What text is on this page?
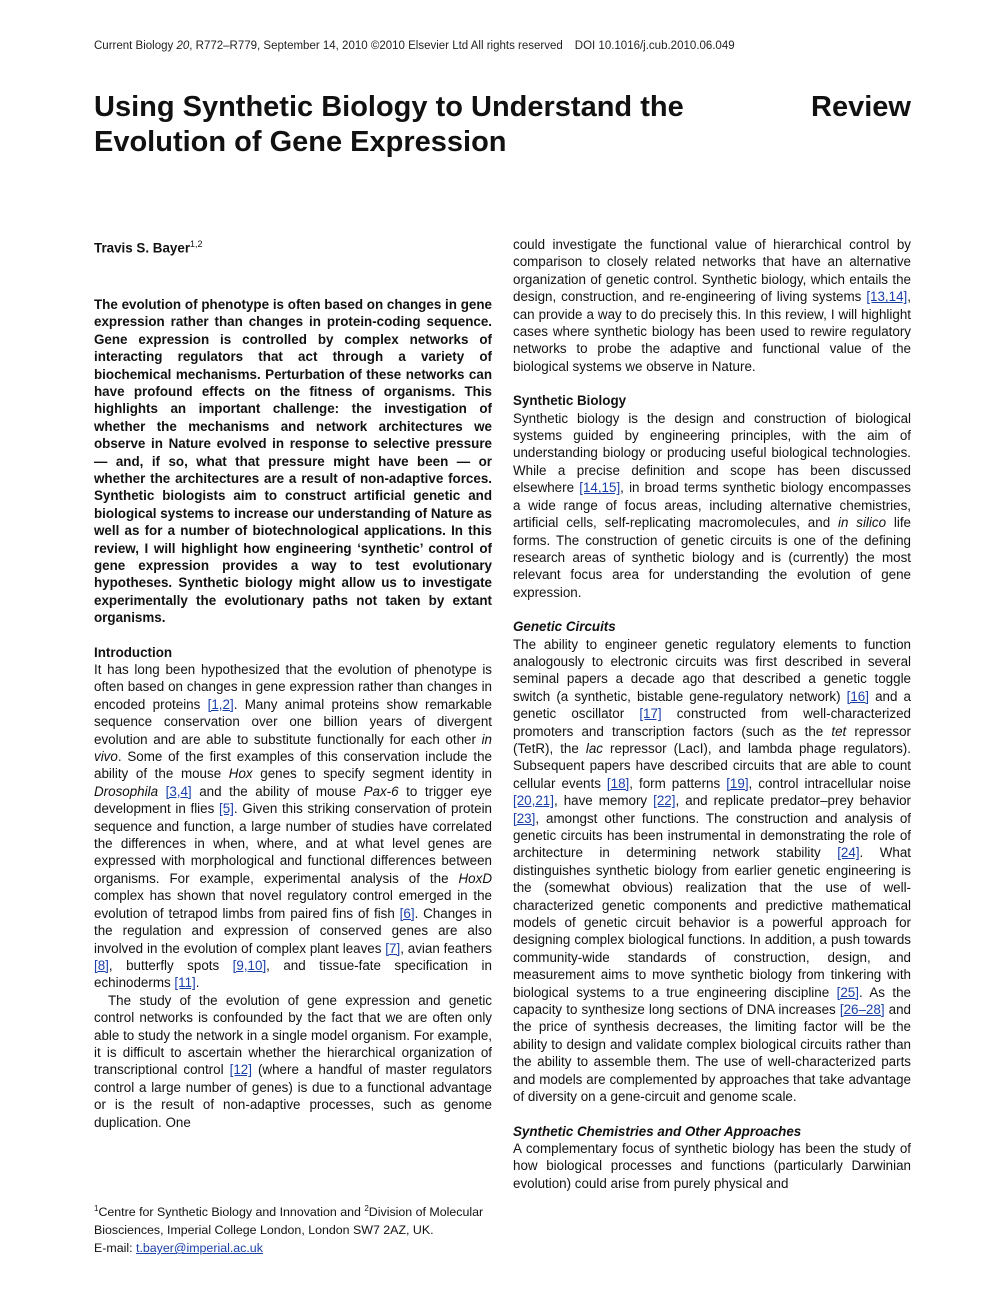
Current Biology 20, R772–R779, September 14, 2010 ©2010 Elsevier Ltd All rights reserved DOI 10.1016/j.cub.2010.06.049
Using Synthetic Biology to Understand the Evolution of Gene Expression
Review

Travis S. Bayer$^{1,2}$

The evolution of phenotype is often based on changes in gene expression rather than changes in protein-coding sequence. Gene expression is controlled by complex networks of interacting regulators that act through a variety of biochemical mechanisms. Perturbation of these networks can have profound effects on the fitness of organisms. This highlights an important challenge: the investigation of whether the mechanisms and network architectures we observe in Nature evolved in response to selective pressure — and, if so, what that pressure might have been — or whether the architectures are a result of non-adaptive forces. Synthetic biologists aim to construct artificial genetic and biological systems to increase our understanding of Nature as well as for a number of biotechnological applications. In this review, I will highlight how engineering ‘synthetic’ control of gene expression provides a way to test evolutionary hypotheses. Synthetic biology might allow us to investigate experimentally the evolutionary paths not taken by extant organisms.

Introduction

It has long been hypothesized that the evolution of phenotype is often based on changes in gene expression rather than changes in encoded proteins [1,2]. Many animal proteins show remarkable sequence conservation over one billion years of divergent evolution and are able to substitute functionally for each other in vivo. Some of the first examples of this conservation include the ability of the mouse Hox genes to specify segment identity in Drosophila [3,4] and the ability of mouse Pax-6 to trigger eye development in flies [5]. Given this striking conservation of protein sequence and function, a large number of studies have correlated the differences in when, where, and at what level genes are expressed with morphological and functional differences between organisms. For example, experimental analysis of the HoxD complex has shown that novel regulatory control emerged in the evolution of tetrapod limbs from paired fins of fish [6]. Changes in the regulation and expression of conserved genes are also involved in the evolution of complex plant leaves [7], avian feathers [8], butterfly spots [9,10], and tissue-fate specification in echinoderms [11].

The study of the evolution of gene expression and genetic control networks is confounded by the fact that we are often only able to study the network in a single model organism. For example, it is difficult to ascertain whether the hierarchical organization of transcriptional control [12] (where a handful of master regulators control a large number of genes) is due to a functional advantage or is the result of non-adaptive processes, such as genome duplication. One

$^1$Centre for Synthetic Biology and Innovation and $^2$Division of Molecular Biosciences, Imperial College London, London SW7 2AZ, UK.
E-mail: t.bayer@imperial.ac.uk

could investigate the functional value of hierarchical control by comparison to closely related networks that have an alternative organization of genetic control. Synthetic biology, which entails the design, construction, and re-engineering of living systems [13,14], can provide a way to do precisely this. In this review, I will highlight cases where synthetic biology has been used to rewire regulatory networks to probe the adaptive and functional value of the biological systems we observe in Nature.

Synthetic Biology

Synthetic biology is the design and construction of biological systems guided by engineering principles, with the aim of understanding biology or producing useful biological technologies. While a precise definition and scope has been discussed elsewhere [14,15], in broad terms synthetic biology encompasses a wide range of focus areas, including alternative chemistries, artificial cells, self-replicating macromolecules, and in silico life forms. The construction of genetic circuits is one of the defining research areas of synthetic biology and is (currently) the most relevant focus area for understanding the evolution of gene expression.

Genetic Circuits

The ability to engineer genetic regulatory elements to function analogously to electronic circuits was first described in several seminal papers a decade ago that described a genetic toggle switch (a synthetic, bistable gene-regulatory network) [16] and a genetic oscillator [17] constructed from well-characterized promoters and transcription factors (such as the tet repressor (TetR), the lac repressor (LacI), and lambda phage regulators). Subsequent papers have described circuits that are able to count cellular events [18], form patterns [19], control intracellular noise [20,21], have memory [22], and replicate predator–prey behavior [23], amongst other functions. The construction and analysis of genetic circuits has been instrumental in demonstrating the role of architecture in determining network stability [24]. What distinguishes synthetic biology from earlier genetic engineering is the (somewhat obvious) realization that the use of well-characterized genetic components and predictive mathematical models of genetic circuit behavior is a powerful approach for designing complex biological functions. In addition, a push towards community-wide standards of construction, design, and measurement aims to move synthetic biology from tinkering with biological systems to a true engineering discipline [25]. As the capacity to synthesize long sections of DNA increases [26–28] and the price of synthesis decreases, the limiting factor will be the ability to design and validate complex biological circuits rather than the ability to assemble them. The use of well-characterized parts and models are complemented by approaches that take advantage of diversity on a gene-circuit and genome scale.

Synthetic Chemistries and Other Approaches

A complementary focus of synthetic biology has been the study of how biological processes and functions (particularly Darwinian evolution) could arise from purely physical and
